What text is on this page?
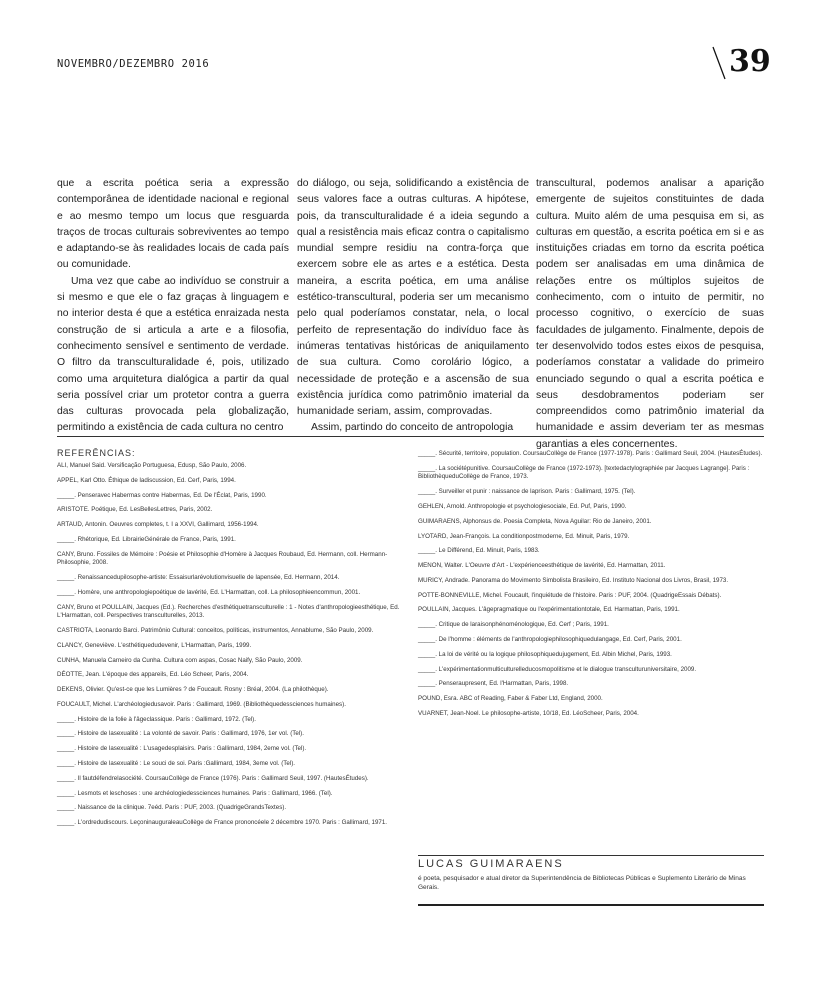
NOVEMBRO/DEZEMBRO 2016	39

que a escrita poética seria a expressão contemporânea de identidade nacional e regional e ao mesmo tempo um locus que resguarda traços de trocas culturais sobreviventes ao tempo e adaptando-se às realidades locais de cada país ou comunidade.

Uma vez que cabe ao indivíduo se construir a si mesmo e que ele o faz graças à linguagem e no interior desta é que a estética enraizada nesta construção de si articula a arte e a filosofia, conhecimento sensível e sentimento de verdade. O filtro da transculturalidade é, pois, utilizado como uma arquitetura dialógica a partir da qual seria possível criar um protetor contra a guerra das culturas provocada pela globalização, permitindo a existência de cada cultura no centro

do diálogo, ou seja, solidificando a existência de seus valores face a outras culturas. A hipótese, pois, da transculturalidade é a ideia segundo a qual a resistência mais eficaz contra o capitalismo mundial sempre residiu na contra-força que exercem sobre ele as artes e a estética. Desta maneira, a escrita poética, em uma análise estético-transcultural, poderia ser um mecanismo pelo qual poderíamos constatar, nela, o local perfeito de representação do indivíduo face às inúmeras tentativas históricas de aniquilamento de sua cultura. Como corolário lógico, a necessidade de proteção e a ascensão de sua existência jurídica como patrimônio imaterial da humanidade seriam, assim, comprovadas.

Assim, partindo do conceito de antropologia

transcultural, podemos analisar a aparição emergente de sujeitos constituintes de dada cultura. Muito além de uma pesquisa em si, as culturas em questão, a escrita poética em si e as instituições criadas em torno da escrita poética podem ser analisadas em uma dinâmica de relações entre os múltiplos sujeitos de conhecimento, com o intuito de permitir, no processo cognitivo, o exercício de suas faculdades de julgamento. Finalmente, depois de ter desenvolvido todos estes eixos de pesquisa, poderíamos constatar a validade do primeiro enunciado segundo o qual a escrita poética e seus desdobramentos poderiam ser compreendidos como patrimônio imaterial da humanidade e assim deveriam ter as mesmas garantias a eles concernentes.

REFERÊNCIAS:
ALI, Manuel Said. Versificação Portuguesa, Edusp, São Paulo, 2006.
APPEL, Karl Otto. Éthique de ladiscussion, Ed. Cerf, Paris, 1994.
_____. Penseravec Habermas contre Habermas, Ed. De l'Éclat, Paris, 1990.
ARISTOTE. Poétique, Ed. LesBellesLettres, Paris, 2002.
ARTAUD, Antonin. Oeuvres completes, t. I a XXVI, Gallimard, 1956-1994.
_____. Rhétorique, Ed. LibrairieGénérale de France, Paris, 1991.
CANY, Bruno. Fossiles de Mémoire : Poésie et Philosophie d'Homère à Jacques Roubaud, Ed. Hermann, coll. Hermann-Philosophie, 2008.
_____. Renaissancedupilosophe-artiste: Essaisurlarévolutionvisuelle de lapensée, Ed. Hermann, 2014.
_____. Homère, une anthropologiepoétique de lavérité, Ed. L'Harmattan, coll. La philosophieencommun, 2001.
CANY, Bruno et POULLAIN, Jacques (Ed.). Recherches d'esthétiquetransculturelle : 1 - Notes d'anthropologieesthétique, Ed. L'Harmattan, coll. Perspectives transculturelles, 2013.
CASTRIOTA, Leonardo Barci. Patrimônio Cultural: conceitos, políticas, instrumentos, Annablume, São Paulo, 2009.
CLANCY, Geneviève. L'esthétiquedudevenir, L'Harmattan, Paris, 1999.
CUNHA, Manuela Carneiro da Cunha. Cultura com aspas, Cosac Naify, São Paulo, 2009.
DÉOTTE, Jean. L'époque des appareils, Ed. Léo Scheer, Paris, 2004.
DEKENS, Olivier. Qu'est-ce que les Lumières ? de Foucault. Rosny : Bréal, 2004. (La philothèque).
FOUCAULT, Michel. L'archéologiedusavoir. Paris : Gallimard, 1969. (Bibliothèquedessciences humaines).
_____. Histoire de la folie à l'âgeclassique. Paris : Gallimard, 1972. (Tel).
_____. Histoire de lasexualité : La volonté de savoir. Paris : Gallimard, 1976, 1er vol. (Tel).
_____. Histoire de lasexualité : L'usagedesplaisirs. Paris : Gallimard, 1984, 2eme vol. (Tel).
_____. Histoire de lasexualité : Le souci de soi. Paris :Gallimard, 1984, 3eme vol. (Tel).
_____. Il fautdéfendrelasociété. CoursauCollège de France (1976). Paris : Gallimard Seuil, 1997. (HautesÉtudes).
_____. Lesmots et leschoses : une archéologiedessciences humaines. Paris : Gallimard, 1966. (Tel).
_____. Naissance de la clinique. 7eéd. Paris : PUF, 2003. (QuadrigeGrandsTextes).
_____. L'ordredudiscours. LeçoninauguraleauCollège de France prononcéele 2 décembre 1970. Paris : Gallimard, 1971.
_____. Sécurité, territoire, population. CoursauCollège de France (1977-1978). Paris : Gallimard Seuil, 2004. (HautesÉtudes).
_____. La sociétépunitive. CoursauCollège de France (1972-1973). [textedactylographiée par Jacques Lagrange]. Paris : BibliothèqueduCollège de France, 1973.
_____. Surveiller et punir : naissance de laprison. Paris : Gallimard, 1975. (Tel).
GEHLEN, Arnold. Anthropologie et psychologiesociale, Ed. Puf, Paris, 1990.
GUIMARAENS, Alphonsus de. Poesia Completa, Nova Aguilar: Rio de Janeiro, 2001.
LYOTARD, Jean-François. La conditionpostmoderne, Ed. Minuit, Paris, 1979.
_____. Le Différend, Ed. Minuit, Paris, 1983.
MENON, Walter. L'Oeuvre d'Art - L'expérienceesthétique de lavérité, Ed. Harmattan, 2011.
MURICY, Andrade. Panorama do Movimento Simbolista Brasileiro, Ed. Instituto Nacional dos Livros, Brasil, 1973.
POTTE-BONNEVILLE, Michel. Foucault, l'inquiétude de l'histoire. Paris : PUF, 2004. (QuadrigeEssais Débats).
POULLAIN, Jacques. L'âgepragmatique ou l'expérimentationtotale, Ed. Harmattan, Paris, 1991.
_____. Critique de laraisonphénoménologique, Ed. Cerf ; Paris, 1991.
_____. De l'homme : éléments de l'anthropologiephilosophiquedulangage, Ed. Cerf, Paris, 2001.
_____. La loi de vérité ou la logique philosophiquedujugement, Ed. Albin Michel, Paris, 1993.
_____. L'expérimentationmulticulturelleducosmopolitisme et le dialogue transculturuniversitaire, 2009.
_____. Penseraupresent, Ed. l'Harmattan, Paris, 1998.
POUND, Esra. ABC of Reading, Faber & Faber Ltd, England, 2000.
VUARNET, Jean-Noel. Le philosophe-artiste, 10/18, Ed. LéoScheer, Paris, 2004.
LUCAS GUIMARAENS
é poeta, pesquisador e atual diretor da Superintendência de Bibliotecas Públicas e Suplemento Literário de Minas Gerais.
